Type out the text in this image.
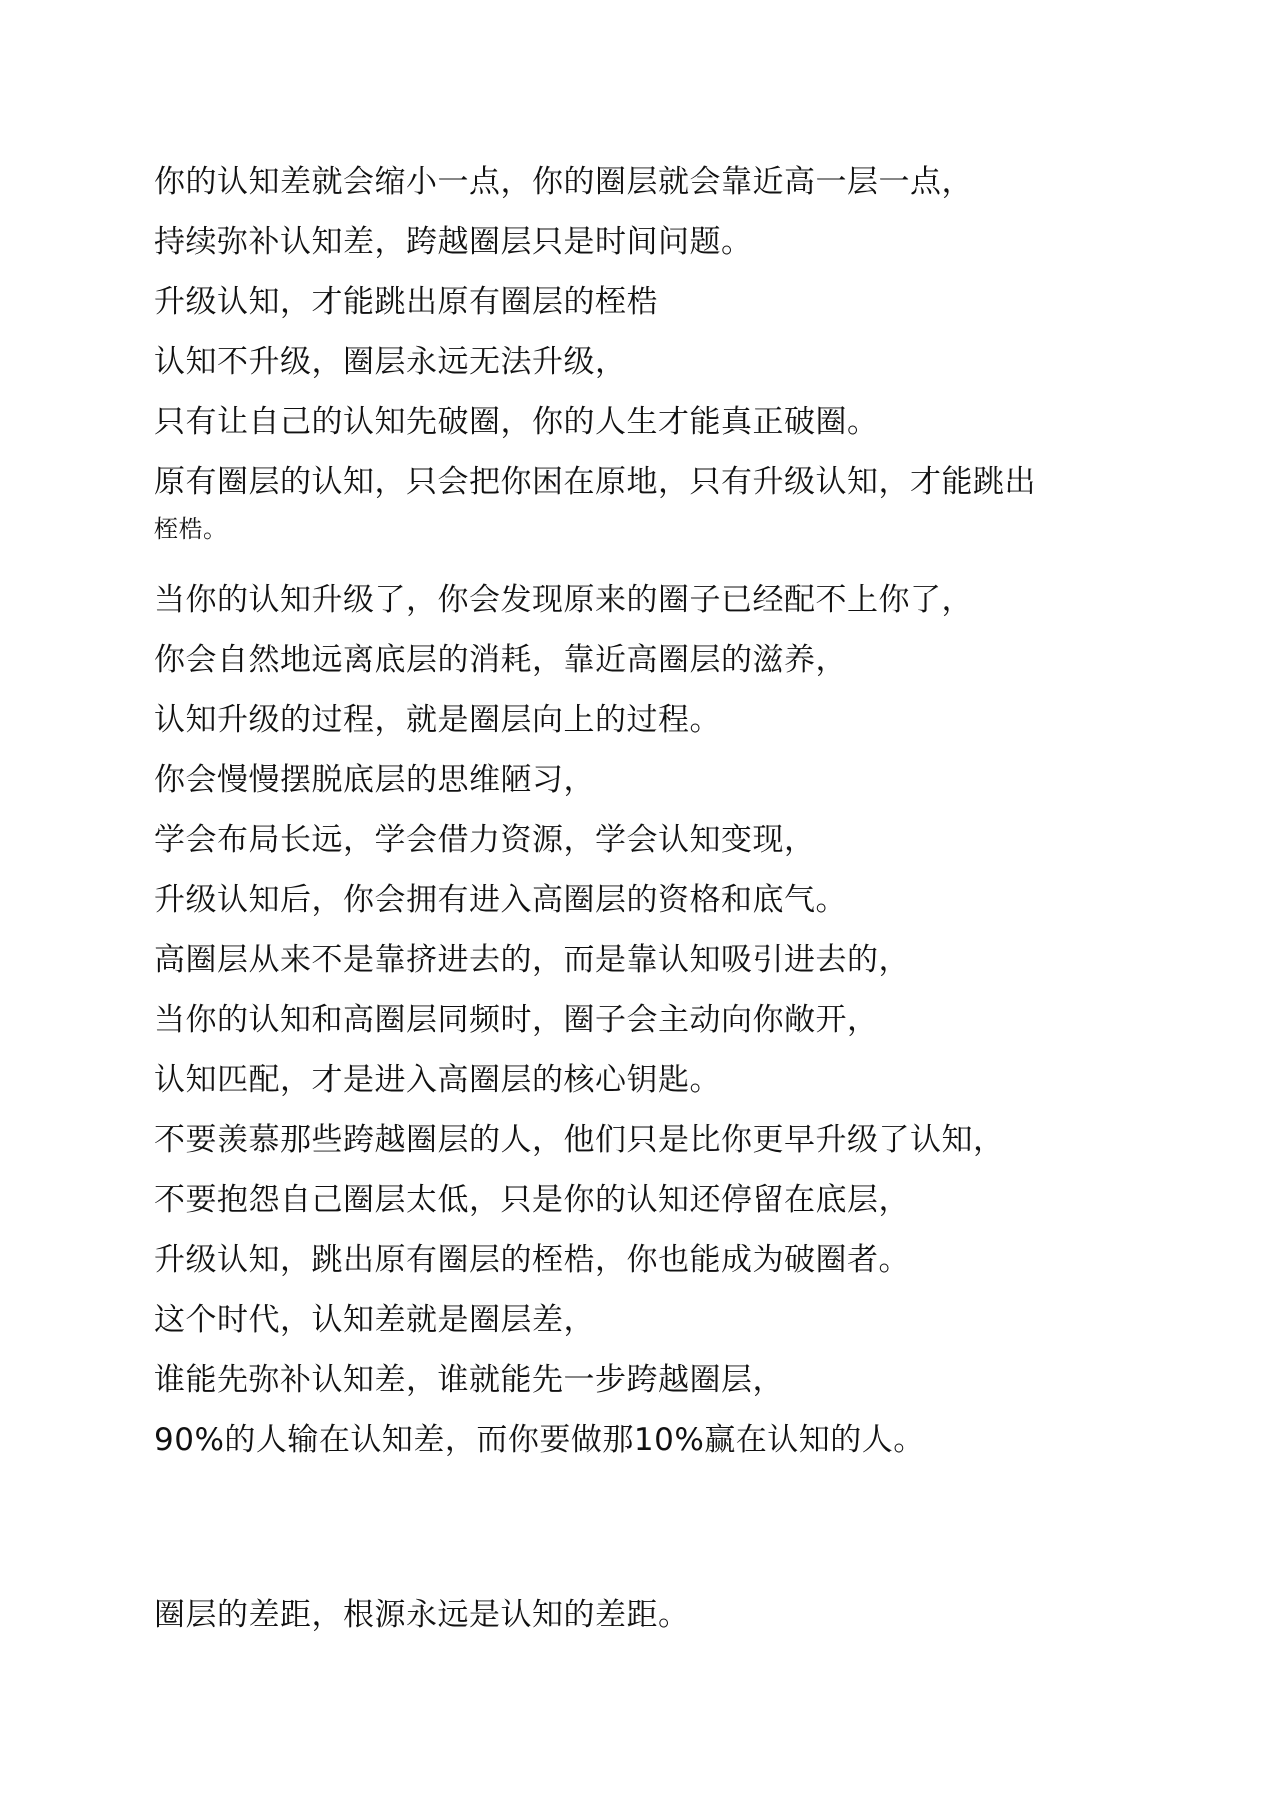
你的认知差就会缩小一点，你的圈层就会靠近高一层一点，
持续弥补认知差，跨越圈层只是时间问题。
升级认知，才能跳出原有圈层的桎梏
认知不升级，圈层永远无法升级，
只有让自己的认知先破圈，你的人生才能真正破圈。
原有圈层的认知，只会把你困在原地，只有升级认知，才能跳出
桎梏。
当你的认知升级了，你会发现原来的圈子已经配不上你了，
你会自然地远离底层的消耗，靠近高圈层的滋养，
认知升级的过程，就是圈层向上的过程。
你会慢慢摆脱底层的思维陋习，
学会布局长远，学会借力资源，学会认知变现，
升级认知后，你会拥有进入高圈层的资格和底气。
高圈层从来不是靠挤进去的，而是靠认知吸引进去的，
当你的认知和高圈层同频时，圈子会主动向你敞开，
认知匹配，才是进入高圈层的核心钥匙。
不要羡慕那些跨越圈层的人，他们只是比你更早升级了认知，
不要抱怨自己圈层太低，只是你的认知还停留在底层，
升级认知，跳出原有圈层的桎梏，你也能成为破圈者。
这个时代，认知差就是圈层差，
谁能先弥补认知差，谁就能先一步跨越圈层，
90%的人输在认知差，而你要做那10%赢在认知的人。
圈层的差距，根源永远是认知的差距。
